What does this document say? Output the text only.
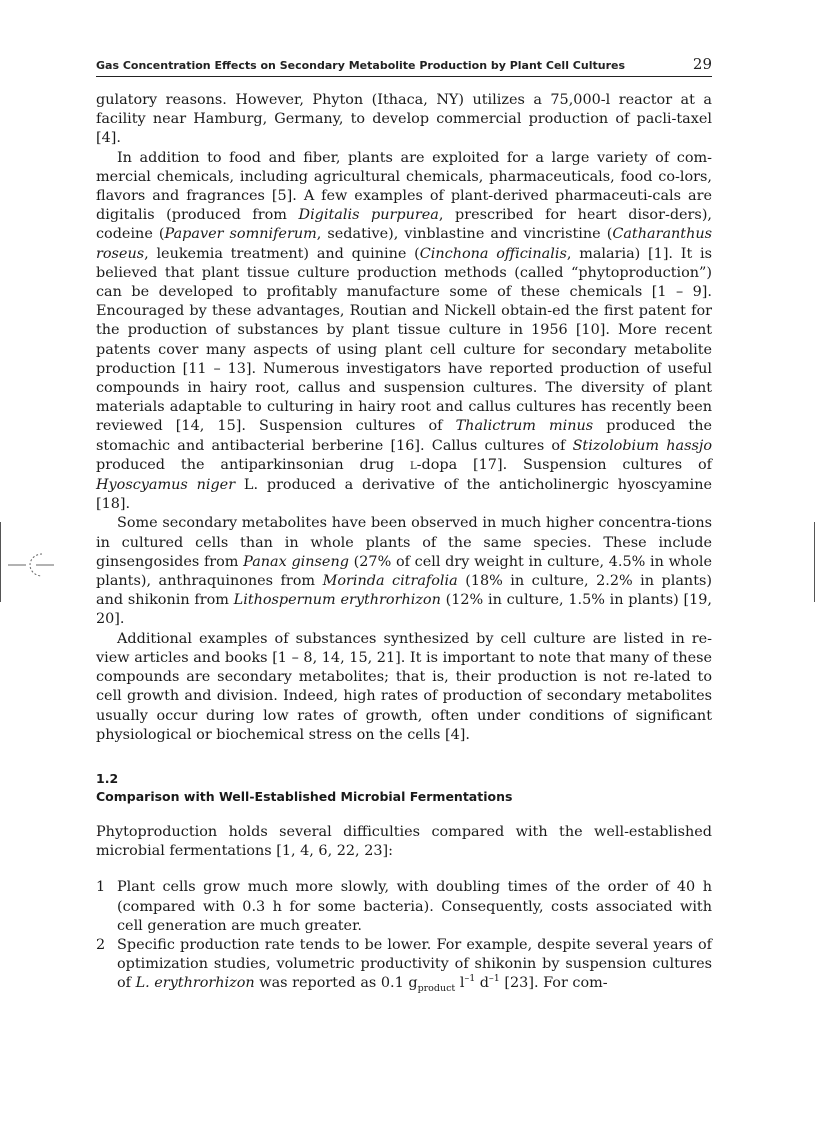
Gas Concentration Effects on Secondary Metabolite Production by Plant Cell Cultures	29

gulatory reasons. However, Phyton (Ithaca, NY) utilizes a 75,000-l reactor at a facility near Hamburg, Germany, to develop commercial production of pacli-taxel [4].

In addition to food and fiber, plants are exploited for a large variety of com-mercial chemicals, including agricultural chemicals, pharmaceuticals, food co-lors, flavors and fragrances [5]. A few examples of plant-derived pharmaceuti-cals are digitalis (produced from Digitalis purpurea, prescribed for heart disor-ders), codeine (Papaver somniferum, sedative), vinblastine and vincristine (Catharanthus roseus, leukemia treatment) and quinine (Cinchona officinalis, malaria) [1]. It is believed that plant tissue culture production methods (called “phytoproduction”) can be developed to profitably manufacture some of these chemicals [1 – 9]. Encouraged by these advantages, Routian and Nickell obtain-ed the first patent for the production of substances by plant tissue culture in 1956 [10]. More recent patents cover many aspects of using plant cell culture for secondary metabolite production [11 – 13]. Numerous investigators have reported production of useful compounds in hairy root, callus and suspension cultures. The diversity of plant materials adaptable to culturing in hairy root and callus cultures has recently been reviewed [14, 15]. Suspension cultures of Thalictrum minus produced the stomachic and antibacterial berberine [16]. Callus cultures of Stizolobium hassjo produced the antiparkinsonian drug L-dopa [17]. Suspension cultures of Hyoscyamus niger L. produced a derivative of the anticholinergic hyoscyamine [18].

Some secondary metabolites have been observed in much higher concentra-tions in cultured cells than in whole plants of the same species. These include ginsengosides from Panax ginseng (27% of cell dry weight in culture, 4.5% in whole plants), anthraquinones from Morinda citrafolia (18% in culture, 2.2% in plants) and shikonin from Lithospernum erythrorhizon (12% in culture, 1.5% in plants) [19, 20].

Additional examples of substances synthesized by cell culture are listed in re-view articles and books [1 – 8, 14, 15, 21]. It is important to note that many of these compounds are secondary metabolites; that is, their production is not re-lated to cell growth and division. Indeed, high rates of production of secondary metabolites usually occur during low rates of growth, often under conditions of significant physiological or biochemical stress on the cells [4].

1.2
Comparison with Well-Established Microbial Fermentations

Phytoproduction holds several difficulties compared with the well-established microbial fermentations [1, 4, 6, 22, 23]:

1 Plant cells grow much more slowly, with doubling times of the order of 40 h (compared with 0.3 h for some bacteria). Consequently, costs associated with cell generation are much greater.
2 Specific production rate tends to be lower. For example, despite several years of optimization studies, volumetric productivity of shikonin by suspension cultures of L. erythrorhizon was reported as 0.1 $g_{product}$ $l^{-1}$ $d^{-1}$ [23]. For com-
